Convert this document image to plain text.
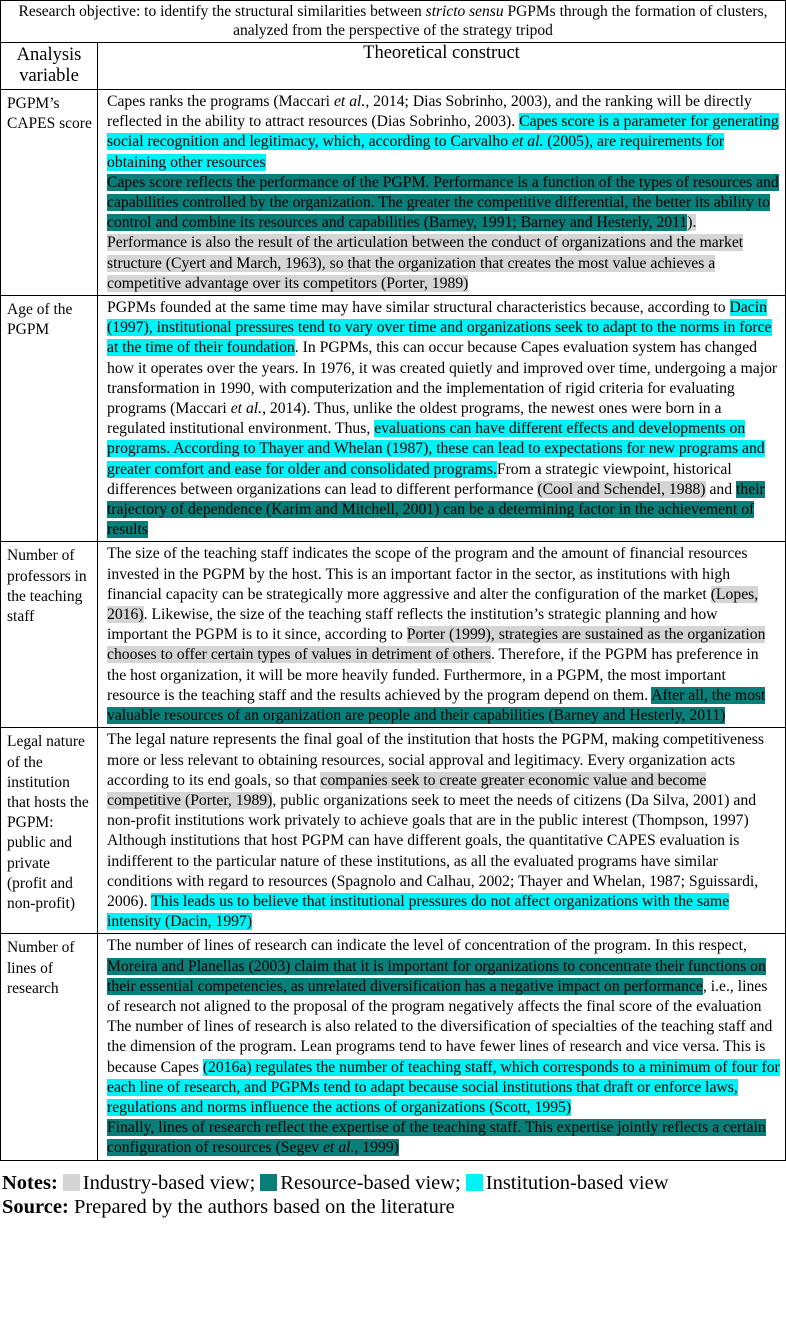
Research objective: to identify the structural similarities between stricto sensu PGPMs through the formation of clusters, analyzed from the perspective of the strategy tripod	
Analysis variable	Theoretical construct
PGPM’s CAPES score	Capes ranks the programs (Maccari et al., 2014; Dias Sobrinho, 2003), and the ranking will be directly reflected in the ability to attract resources (Dias Sobrinho, 2003). Capes score is a parameter for generating social recognition and legitimacy, which, according to Carvalho et al. (2005), are requirements for obtaining other resources
Capes score reflects the performance of the PGPM. Performance is a function of the types of resources and capabilities controlled by the organization. The greater the competitive differential, the better its ability to control and combine its resources and capabilities (Barney, 1991; Barney and Hesterly, 2011). Performance is also the result of the articulation between the conduct of organizations and the market structure (Cyert and March, 1963), so that the organization that creates the most value achieves a competitive advantage over its competitors (Porter, 1989)
Age of the PGPM	PGPMs founded at the same time may have similar structural characteristics because, according to Dacin (1997), institutional pressures tend to vary over time and organizations seek to adapt to the norms in force at the time of their foundation. In PGPMs, this can occur because Capes evaluation system has changed how it operates over the years. In 1976, it was created quietly and improved over time, undergoing a major transformation in 1990, with computerization and the implementation of rigid criteria for evaluating programs (Maccari et al., 2014). Thus, unlike the oldest programs, the newest ones were born in a regulated institutional environment. Thus, evaluations can have different effects and developments on programs. According to Thayer and Whelan (1987), these can lead to expectations for new programs and greater comfort and ease for older and consolidated programs.From a strategic viewpoint, historical differences between organizations can lead to different performance (Cool and Schendel, 1988) and their trajectory of dependence (Karim and Mitchell, 2001) can be a determining factor in the achievement of results
Number of professors in the teaching staff	The size of the teaching staff indicates the scope of the program and the amount of financial resources invested in the PGPM by the host. This is an important factor in the sector, as institutions with high financial capacity can be strategically more aggressive and alter the configuration of the market (Lopes, 2016). Likewise, the size of the teaching staff reflects the institution’s strategic planning and how important the PGPM is to it since, according to Porter (1999), strategies are sustained as the organization chooses to offer certain types of values in detriment of others. Therefore, if the PGPM has preference in the host organization, it will be more heavily funded. Furthermore, in a PGPM, the most important resource is the teaching staff and the results achieved by the program depend on them. After all, the most valuable resources of an organization are people and their capabilities (Barney and Hesterly, 2011)
Legal nature of the institution that hosts the PGPM: public and private (profit and non-profit)	The legal nature represents the final goal of the institution that hosts the PGPM, making competitiveness more or less relevant to obtaining resources, social approval and legitimacy. Every organization acts according to its end goals, so that companies seek to create greater economic value and become competitive (Porter, 1989), public organizations seek to meet the needs of citizens (Da Silva, 2001) and non-profit institutions work privately to achieve goals that are in the public interest (Thompson, 1997)
Although institutions that host PGPM can have different goals, the quantitative CAPES evaluation is indifferent to the particular nature of these institutions, as all the evaluated programs have similar conditions with regard to resources (Spagnolo and Calhau, 2002; Thayer and Whelan, 1987; Sguissardi, 2006). This leads us to believe that institutional pressures do not affect organizations with the same intensity (Dacin, 1997)
Number of lines of research	The number of lines of research can indicate the level of concentration of the program. In this respect, Moreira and Planellas (2003) claim that it is important for organizations to concentrate their functions on their essential competencies, as unrelated diversification has a negative impact on performance, i.e., lines of research not aligned to the proposal of the program negatively affects the final score of the evaluation
The number of lines of research is also related to the diversification of specialties of the teaching staff and the dimension of the program. Lean programs tend to have fewer lines of research and vice versa. This is because Capes (2016a) regulates the number of teaching staff, which corresponds to a minimum of four for each line of research, and PGPMs tend to adapt because social institutions that draft or enforce laws, regulations and norms influence the actions of organizations (Scott, 1995)
Finally, lines of research reflect the expertise of the teaching staff. This expertise jointly reflects a certain configuration of resources (Segev et al., 1999)
Notes: Industry-based view; Resource-based view; Institution-based view
Source: Prepared by the authors based on the literature
